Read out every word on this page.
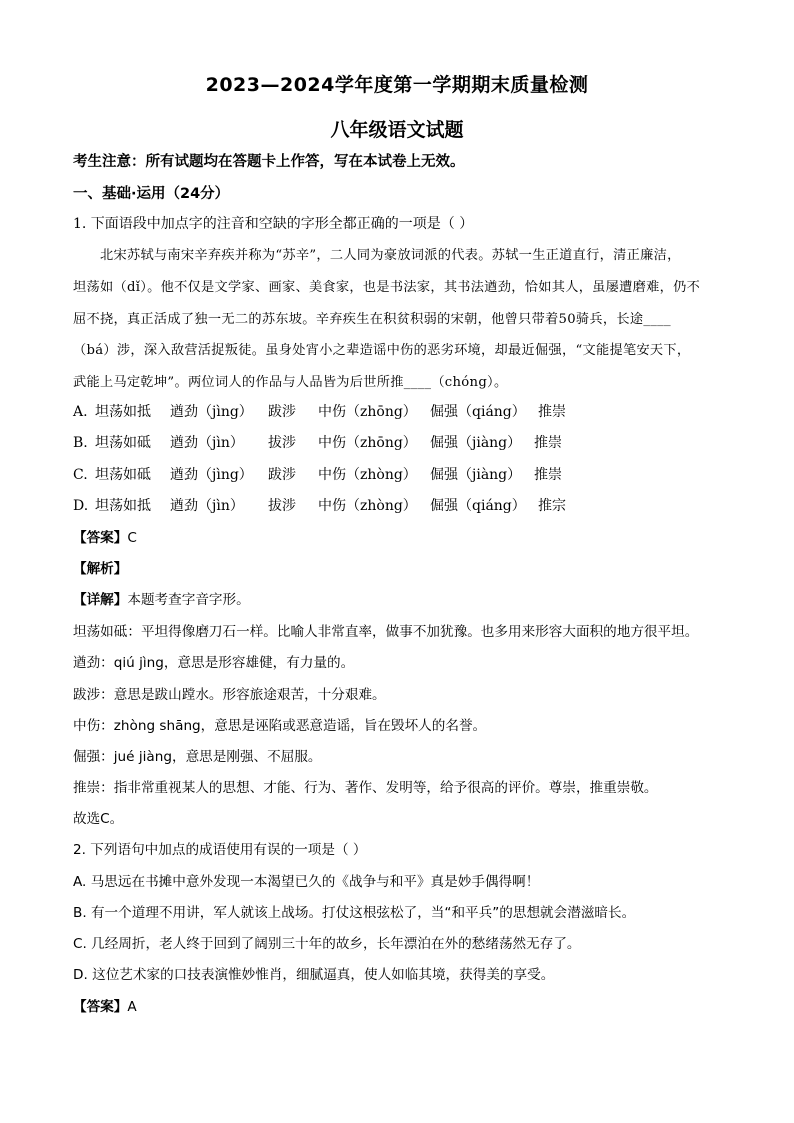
2023—2024学年度第一学期期末质量检测
八年级语文试题
考生注意：所有试题均在答题卡上作答，写在本试卷上无效。
一、基础·运用（24分）
1. 下面语段中加点字的注音和空缺的字形全都正确的一项是（ ）
北宋苏轼与南宋辛弃疾并称为“苏辛”，二人同为豪放词派的代表。苏轼一生正道直行，清正廉洁，
坦荡如（dǐ）。他不仅是文学家、画家、美食家，也是书法家，其书法遒劲，恰如其人，虽屡遭磨难，仍不
屈不挠，真正活成了独一无二的苏东坡。辛弃疾生在积贫积弱的宋朝，他曾只带着50骑兵，长途____
（bá）涉，深入敌营活捉叛徒。虽身处宵小之辈造谣中伤的恶劣环境，却最近倔强，“文能提笔安天下，
武能上马定乾坤”。两位词人的作品与人品皆为后世所推____（chóng）。
A. 坦荡如抵 遒劲（jìng） 跋涉 中伤（zhōng） 倔强（qiáng） 推崇
B. 坦荡如砥 遒劲（jìn） 拔涉 中伤（zhōng） 倔强（jiàng） 推崇
C. 坦荡如砥 遒劲（jìng） 跋涉 中伤（zhòng） 倔强（jiàng） 推崇
D. 坦荡如抵 遒劲（jìn） 拔涉 中伤（zhòng） 倔强（qiáng） 推宗
【答案】C
【解析】
【详解】本题考查字音字形。
坦荡如砥：平坦得像磨刀石一样。比喻人非常直率，做事不加犹豫。也多用来形容大面积的地方很平坦。
遒劲：qiú jìng，意思是形容雄健，有力量的。
跋涉：意思是跋山蹚水。形容旅途艰苦，十分艰难。
中伤：zhòng shāng，意思是诬陷或恶意造谣，旨在毁坏人的名誉。
倔强：jué jiàng，意思是刚强、不屈服。
推崇：指非常重视某人的思想、才能、行为、著作、发明等，给予很高的评价。尊崇，推重崇敬。
故选C。
2. 下列语句中加点的成语使用有误的一项是（ ）
A. 马思远在书摊中意外发现一本渴望已久的《战争与和平》真是妙手偶得啊！
B. 有一个道理不用讲，军人就该上战场。打仗这根弦松了，当“和平兵”的思想就会潜滋暗长。
C. 几经周折，老人终于回到了阔别三十年的故乡，长年漂泊在外的愁绪荡然无存了。
D. 这位艺术家的口技表演惟妙惟肖，细腻逼真，使人如临其境，获得美的享受。
【答案】A
